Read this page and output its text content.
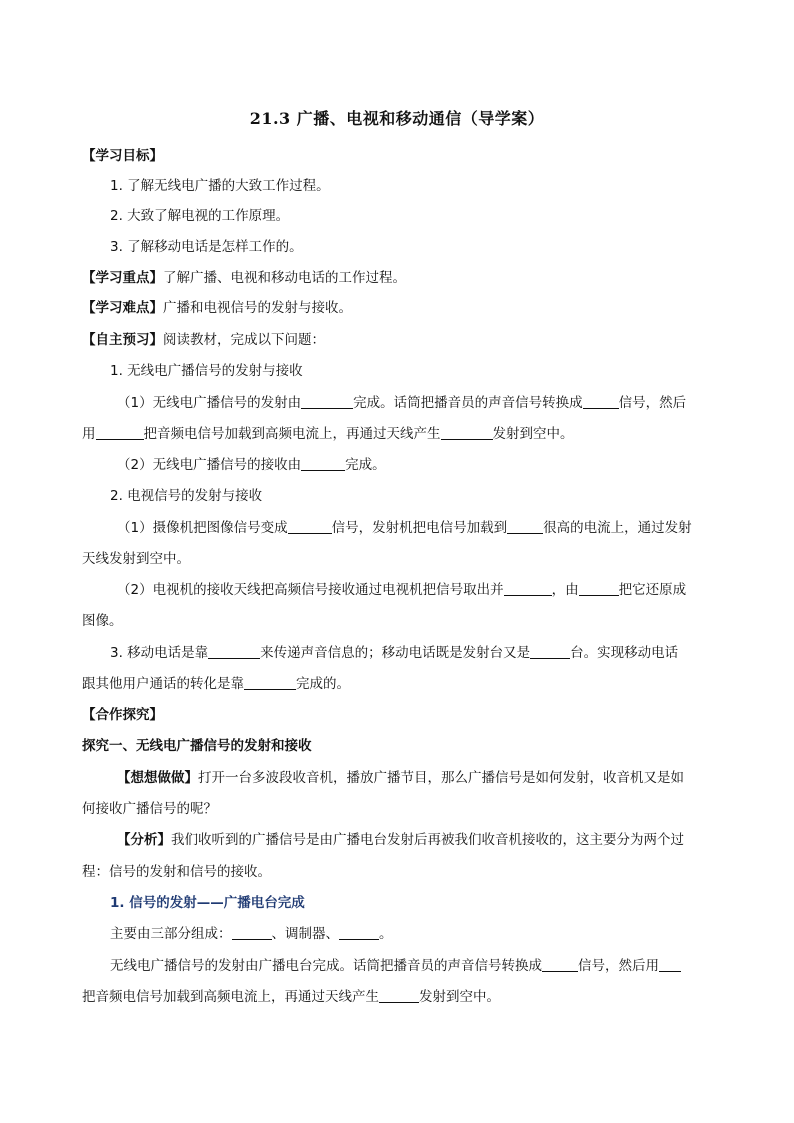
21.3 广播、电视和移动通信（导学案）
【学习目标】
1. 了解无线电广播的大致工作过程。
2. 大致了解电视的工作原理。
3. 了解移动电话是怎样工作的。
【学习重点】了解广播、电视和移动电话的工作过程。
【学习难点】广播和电视信号的发射与接收。
【自主预习】阅读教材，完成以下问题：
1. 无线电广播信号的发射与接收
（1）无线电广播信号的发射由	完成。话筒把播音员的声音信号转换成	信号，然后
用	把音频电信号加载到高频电流上，再通过天线产生	发射到空中。
（2）无线电广播信号的接收由	完成。
2. 电视信号的发射与接收
（1）摄像机把图像信号变成	信号，发射机把电信号加载到	很高的电流上，通过发射
天线发射到空中。
（2）电视机的接收天线把高频信号接收通过电视机把信号取出并	，由	把它还原成
图像。
3. 移动电话是靠	来传递声音信息的；移动电话既是发射台又是	台。实现移动电话
跟其他用户通话的转化是靠	完成的。
【合作探究】
探究一、无线电广播信号的发射和接收
【想想做做】打开一台多波段收音机，播放广播节目，那么广播信号是如何发射，收音机又是如
何接收广播信号的呢？
【分析】我们收听到的广播信号是由广播电台发射后再被我们收音机接收的，这主要分为两个过
程：信号的发射和信号的接收。
1. 信号的发射——广播电台完成
主要由三部分组成：	、调制器、	。
无线电广播信号的发射由广播电台完成。话筒把播音员的声音信号转换成	信号，然后用
把音频电信号加载到高频电流上，再通过天线产生	发射到空中。
